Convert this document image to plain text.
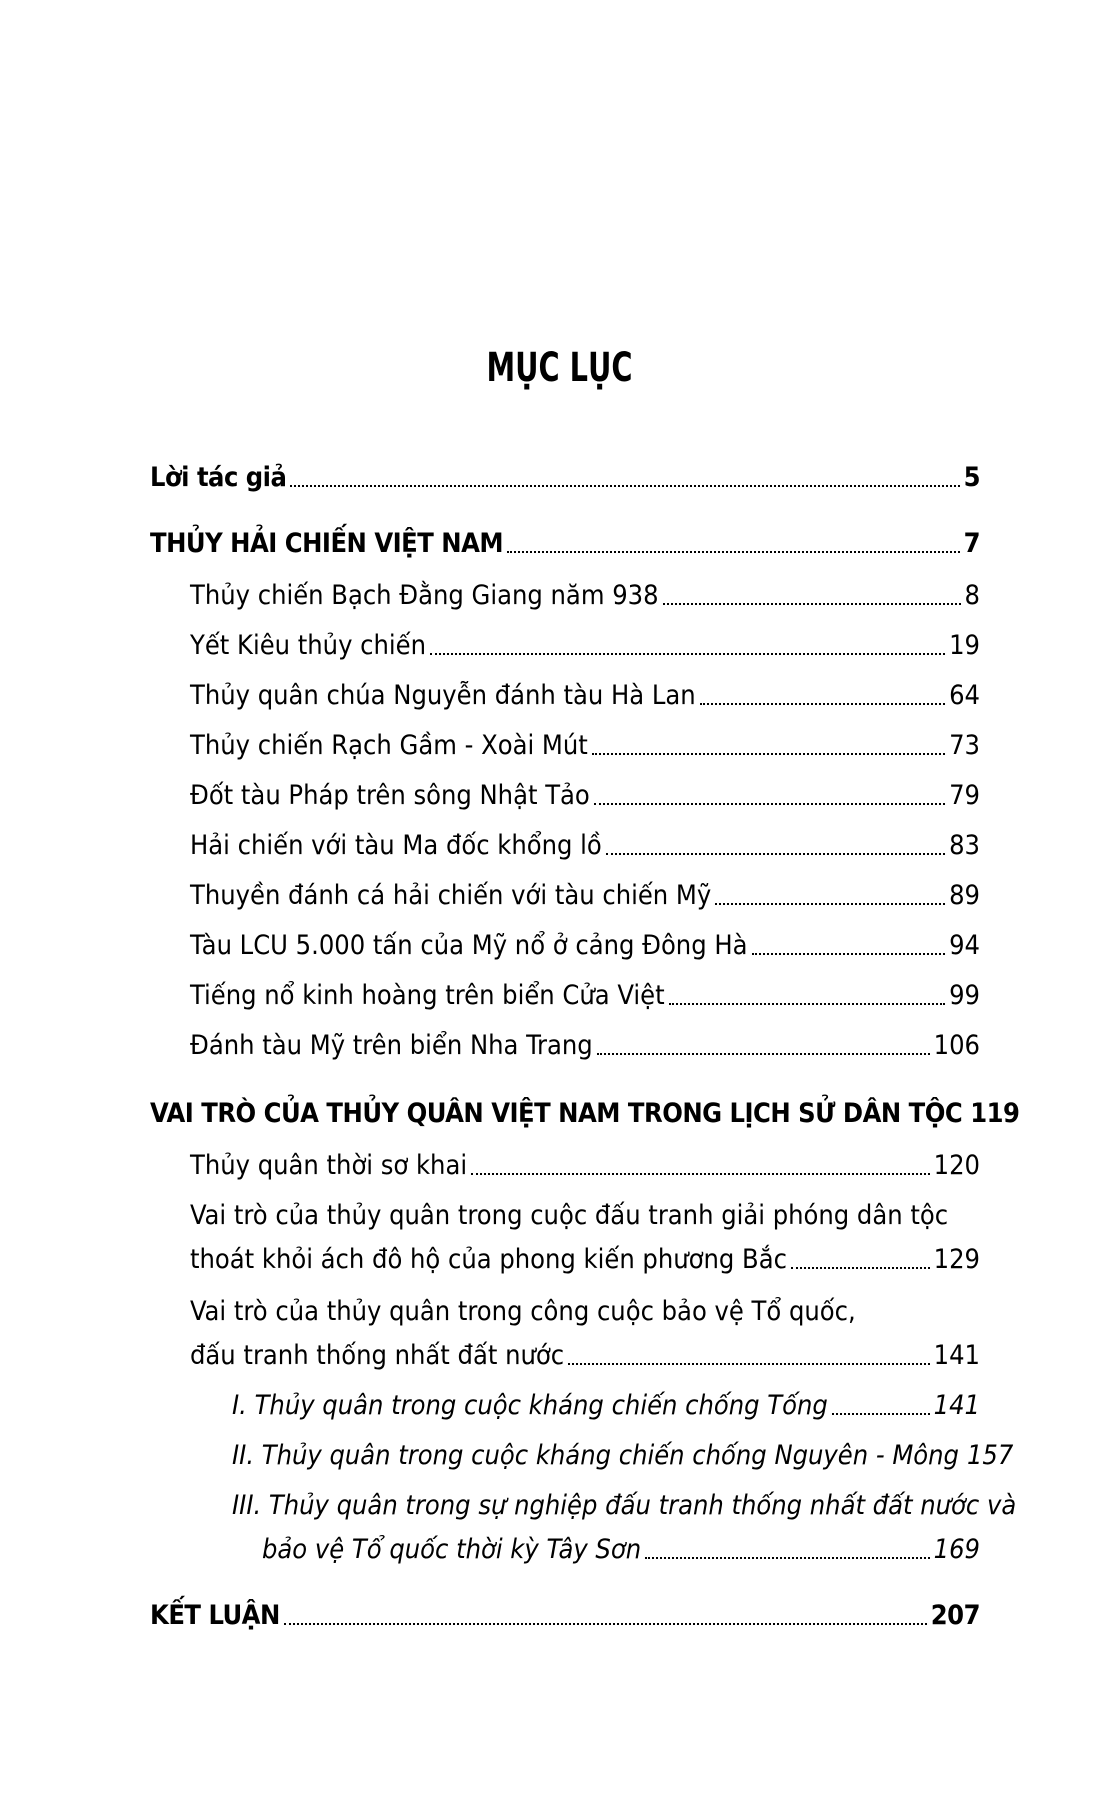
MỤC LỤC
Lời tác giả	5
THỦY HẢI CHIẾN VIỆT NAM	7
Thủy chiến Bạch Đằng Giang năm 938	8
Yết Kiêu thủy chiến	19
Thủy quân chúa Nguyễn đánh tàu Hà Lan	64
Thủy chiến Rạch Gầm - Xoài Mút	73
Đốt tàu Pháp trên sông Nhật Tảo	79
Hải chiến với tàu Ma đốc khổng lồ	83
Thuyền đánh cá hải chiến với tàu chiến Mỹ	89
Tàu LCU 5.000 tấn của Mỹ nổ ở cảng Đông Hà	94
Tiếng nổ kinh hoàng trên biển Cửa Việt	99
Đánh tàu Mỹ trên biển Nha Trang	106
VAI TRÒ CỦA THỦY QUÂN VIỆT NAM TRONG LỊCH SỬ DÂN TỘC 119
Thủy quân thời sơ khai	120
Vai trò của thủy quân trong cuộc đấu tranh giải phóng dân tộc
thoát khỏi ách đô hộ của phong kiến phương Bắc	129
Vai trò của thủy quân trong công cuộc bảo vệ Tổ quốc,
đấu tranh thống nhất đất nước	141
I. Thủy quân trong cuộc kháng chiến chống Tống	141
II. Thủy quân trong cuộc kháng chiến chống Nguyên - Mông 157
III. Thủy quân trong sự nghiệp đấu tranh thống nhất đất nước và
bảo vệ Tổ quốc thời kỳ Tây Sơn	169
KẾT LUẬN	207
